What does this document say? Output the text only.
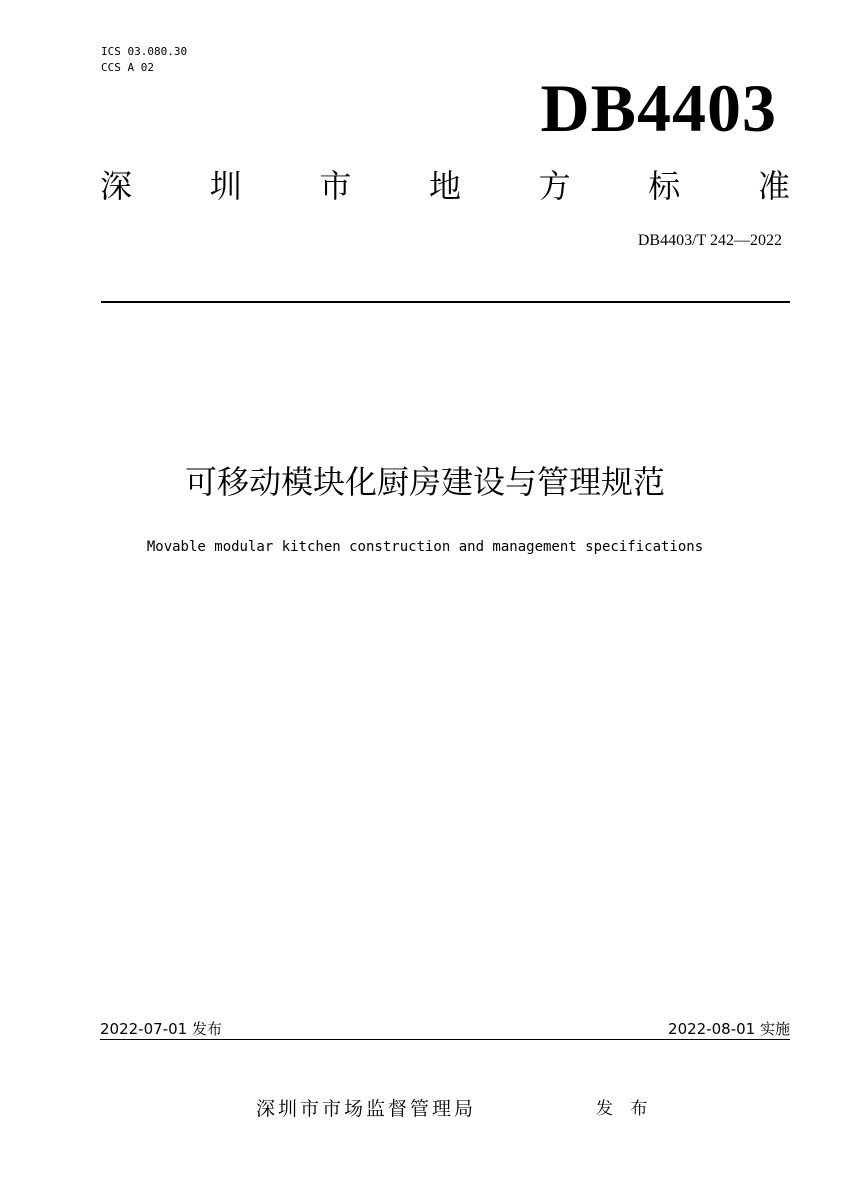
ICS 03.080.30
CCS A 02
DB4403
深 圳 市 地 方 标 准
DB4403/T 242—2022
可移动模块化厨房建设与管理规范
Movable modular kitchen construction and management specifications
2022-07-01 发布	2022-08-01 实施
深圳市市场监督管理局	发 布
